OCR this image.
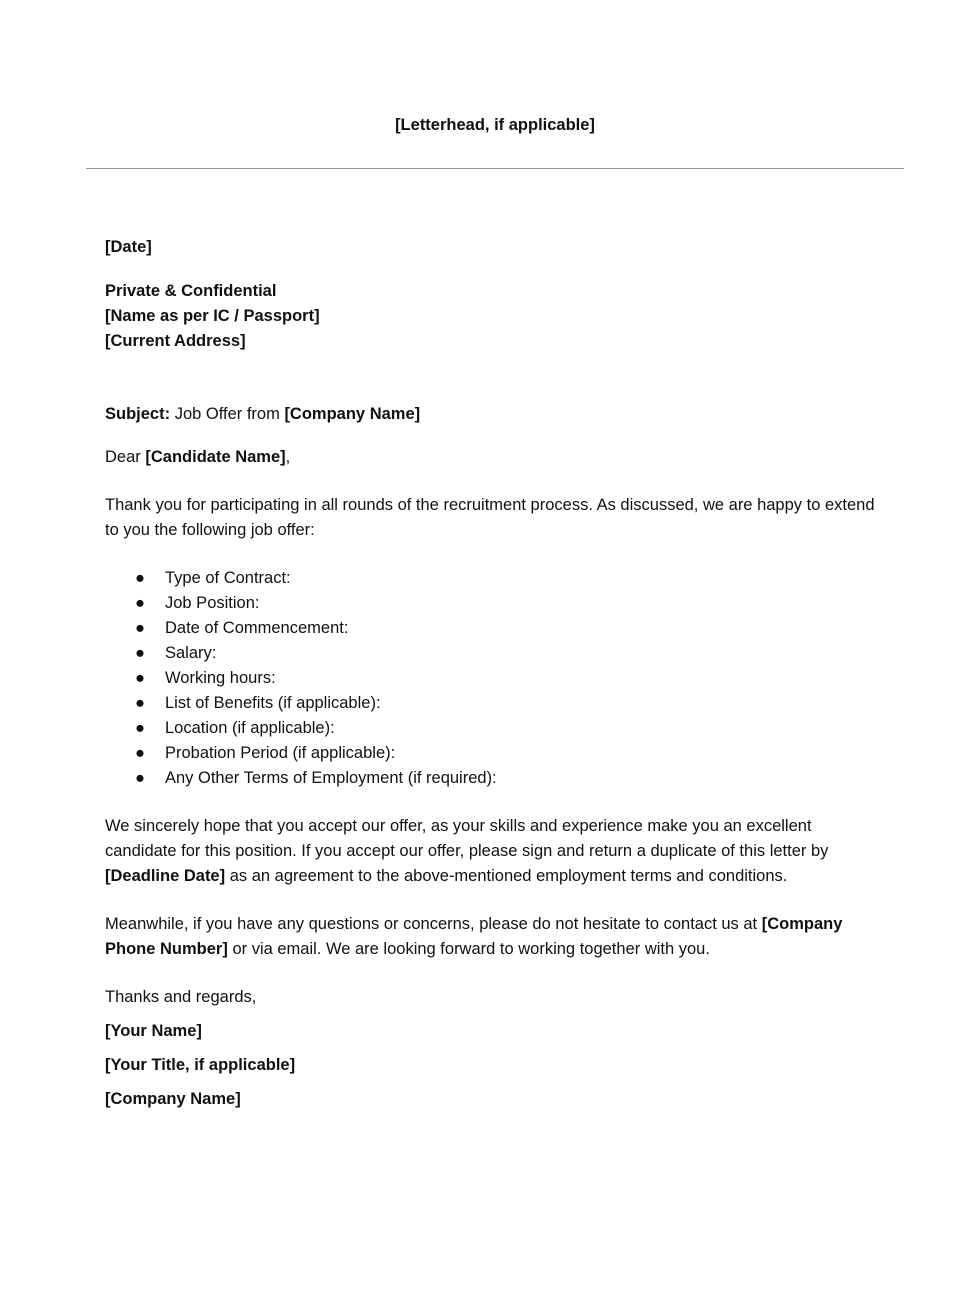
[Letterhead, if applicable]

[Date]

Private & Confidential

[Name as per IC / Passport]

[Current Address]

Subject: Job Offer from [Company Name]

Dear [Candidate Name],

Thank you for participating in all rounds of the recruitment process. As discussed, we are happy to extend to you the following job offer:

● Type of Contract:
● Job Position:
● Date of Commencement:
● Salary:
● Working hours:
● List of Benefits (if applicable):
● Location (if applicable):
● Probation Period (if applicable):
● Any Other Terms of Employment (if required):

We sincerely hope that you accept our offer, as your skills and experience make you an excellent candidate for this position. If you accept our offer, please sign and return a duplicate of this letter by [Deadline Date] as an agreement to the above-mentioned employment terms and conditions.

Meanwhile, if you have any questions or concerns, please do not hesitate to contact us at [Company Phone Number] or via email. We are looking forward to working together with you.

Thanks and regards,

[Your Name]

[Your Title, if applicable]

[Company Name]
